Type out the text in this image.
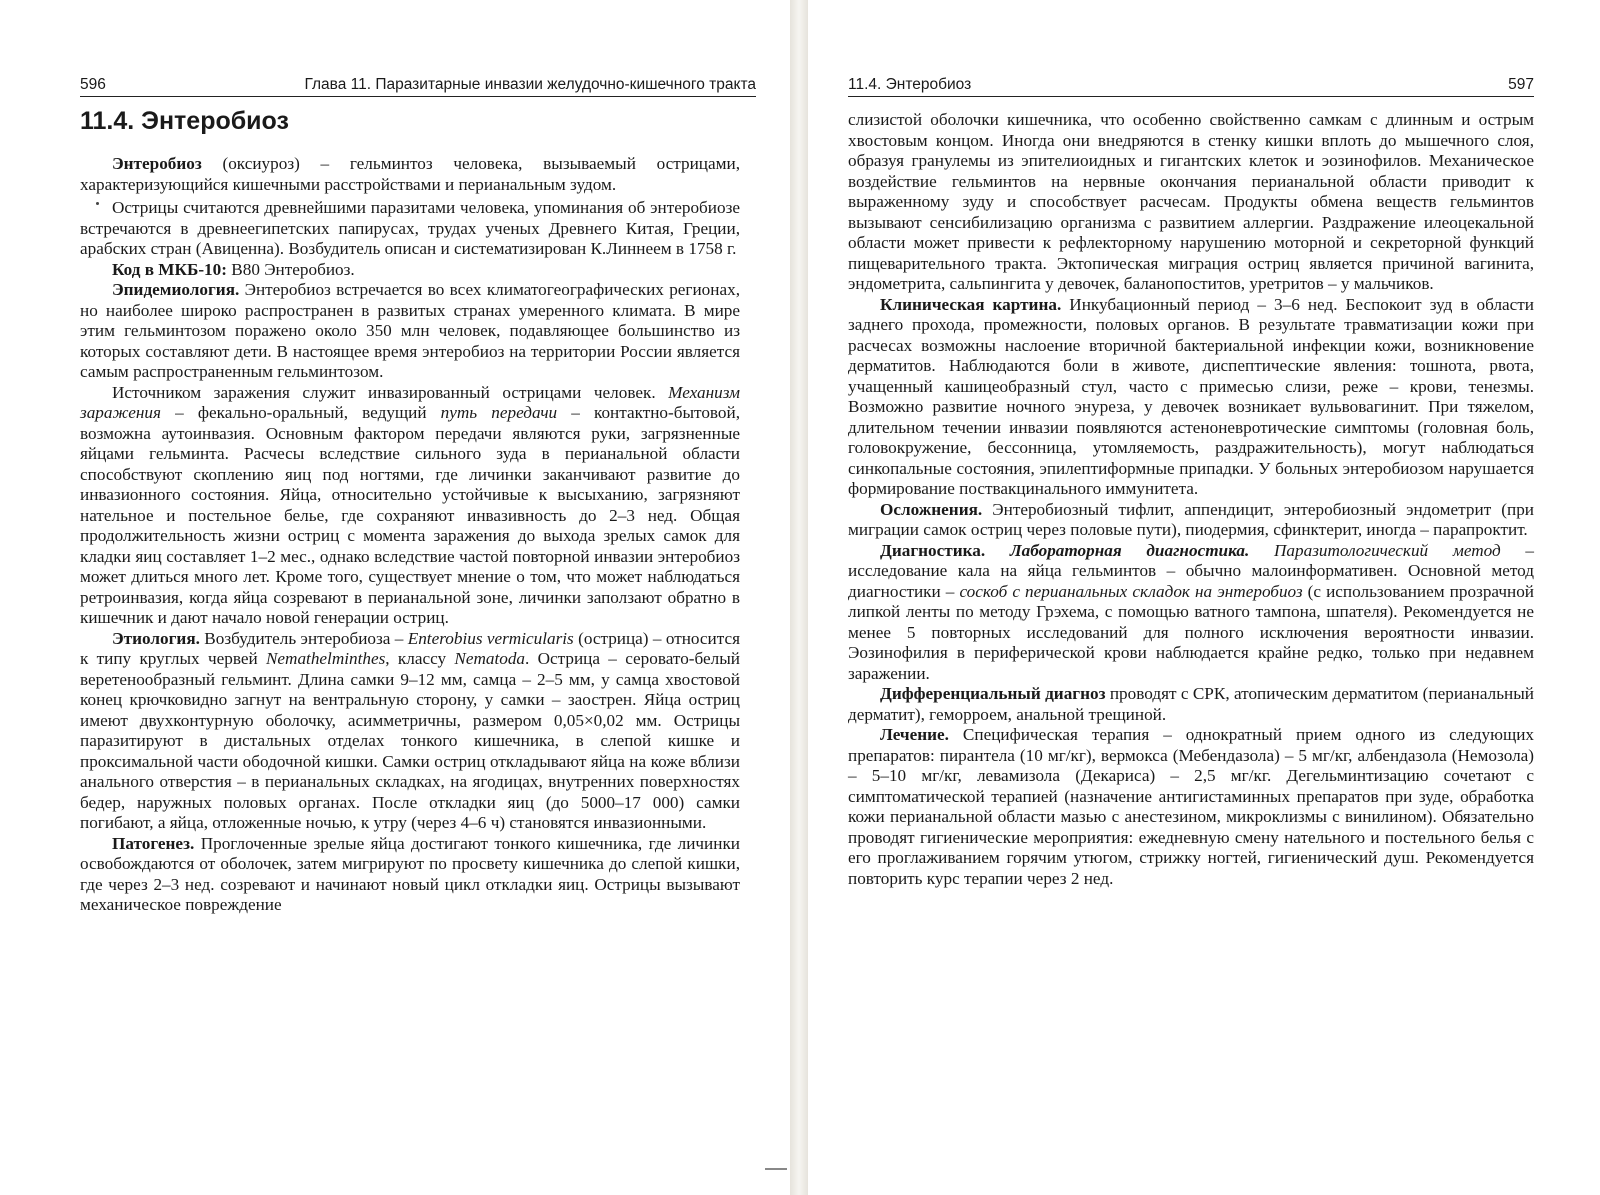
596	Глава 11. Паразитарные инвазии желудочно-кишечного тракта
11.4. Энтеробиоз

Энтеробиоз (оксиуроз) – гельминтоз человека, вызываемый острицами, характеризующийся кишечными расстройствами и перианальным зудом.

Острицы считаются древнейшими паразитами человека, упоминания об энтеробиозе встречаются в древнеегипетских папирусах, трудах ученых Древнего Китая, Греции, арабских стран (Авиценна). Возбудитель описан и систематизирован К.Линнеем в 1758 г.

Код в МКБ-10: В80 Энтеробиоз.

Эпидемиология. Энтеробиоз встречается во всех климатогеографических регионах, но наиболее широко распространен в развитых странах умеренного климата. В мире этим гельминтозом поражено около 350 млн человек, подавляющее большинство из которых составляют дети. В настоящее время энтеробиоз на территории России является самым распространенным гельминтозом.

Источником заражения служит инвазированный острицами человек. Механизм заражения – фекально-оральный, ведущий путь передачи – контактно-бытовой, возможна аутоинвазия. Основным фактором передачи являются руки, загрязненные яйцами гельминта. Расчесы вследствие сильного зуда в перианальной области способствуют скоплению яиц под ногтями, где личинки заканчивают развитие до инвазионного состояния. Яйца, относительно устойчивые к высыханию, загрязняют нательное и постельное белье, где сохраняют инвазивность до 2–3 нед. Общая продолжительность жизни остриц с момента заражения до выхода зрелых самок для кладки яиц составляет 1–2 мес., однако вследствие частой повторной инвазии энтеробиоз может длиться много лет. Кроме того, существует мнение о том, что может наблюдаться ретроинвазия, когда яйца созревают в перианальной зоне, личинки заползают обратно в кишечник и дают начало новой генерации остриц.

Этиология. Возбудитель энтеробиоза – Enterobius vermicularis (острица) – относится к типу круглых червей Nemathelminthes, классу Nematoda. Острица – серовато-белый веретенообразный гельминт. Длина самки 9–12 мм, самца – 2–5 мм, у самца хвостовой конец крючковидно загнут на вентральную сторону, у самки – заострен. Яйца остриц имеют двухконтурную оболочку, асимметричны, размером 0,05×0,02 мм. Острицы паразитируют в дистальных отделах тонкого кишечника, в слепой кишке и проксимальной части ободочной кишки. Самки остриц откладывают яйца на коже вблизи анального отверстия – в перианальных складках, на ягодицах, внутренних поверхностях бедер, наружных половых органах. После откладки яиц (до 5000–17 000) самки погибают, а яйца, отложенные ночью, к утру (через 4–6 ч) становятся инвазионными.

Патогенез. Проглоченные зрелые яйца достигают тонкого кишечника, где личинки освобождаются от оболочек, затем мигрируют по просвету кишечника до слепой кишки, где через 2–3 нед. созревают и начинают новый цикл откладки яиц. Острицы вызывают механическое повреждение

11.4. Энтеробиоз	597

слизистой оболочки кишечника, что особенно свойственно самкам с длинным и острым хвостовым концом. Иногда они внедряются в стенку кишки вплоть до мышечного слоя, образуя гранулемы из эпителиоидных и гигантских клеток и эозинофилов. Механическое воздействие гельминтов на нервные окончания перианальной области приводит к выраженному зуду и способствует расчесам. Продукты обмена веществ гельминтов вызывают сенсибилизацию организма с развитием аллергии. Раздражение илеоцекальной области может привести к рефлекторному нарушению моторной и секреторной функций пищеварительного тракта. Эктопическая миграция остриц является причиной вагинита, эндометрита, сальпингита у девочек, баланопоститов, уретритов – у мальчиков.

Клиническая картина. Инкубационный период – 3–6 нед. Беспокоит зуд в области заднего прохода, промежности, половых органов. В результате травматизации кожи при расчесах возможны наслоение вторичной бактериальной инфекции кожи, возникновение дерматитов. Наблюдаются боли в животе, диспептические явления: тошнота, рвота, учащенный кашицеобразный стул, часто с примесью слизи, реже – крови, тенезмы. Возможно развитие ночного энуреза, у девочек возникает вульвовагинит. При тяжелом, длительном течении инвазии появляются астеноневротические симптомы (головная боль, головокружение, бессонница, утомляемость, раздражительность), могут наблюдаться синкопальные состояния, эпилептиформные припадки. У больных энтеробиозом нарушается формирование поствакцинального иммунитета.

Осложнения. Энтеробиозный тифлит, аппендицит, энтеробиозный эндометрит (при миграции самок остриц через половые пути), пиодермия, сфинктерит, иногда – парапроктит.

Диагностика. Лабораторная диагностика. Паразитологический метод – исследование кала на яйца гельминтов – обычно малоинформативен. Основной метод диагностики – соскоб с перианальных складок на энтеробиоз (с использованием прозрачной липкой ленты по методу Грэхема, с помощью ватного тампона, шпателя). Рекомендуется не менее 5 повторных исследований для полного исключения вероятности инвазии. Эозинофилия в периферической крови наблюдается крайне редко, только при недавнем заражении.

Дифференциальный диагноз проводят с СРК, атопическим дерматитом (перианальный дерматит), геморроем, анальной трещиной.

Лечение. Специфическая терапия – однократный прием одного из следующих препаратов: пирантела (10 мг/кг), вермокса (Мебендазола) – 5 мг/кг, албендазола (Немозола) – 5–10 мг/кг, левамизола (Декариса) – 2,5 мг/кг. Дегельминтизацию сочетают с симптоматической терапией (назначение антигистаминных препаратов при зуде, обработка кожи перианальной области мазью с анестезином, микроклизмы с винилином). Обязательно проводят гигиенические мероприятия: ежедневную смену нательного и постельного белья с его проглаживанием горячим утюгом, стрижку ногтей, гигиенический душ. Рекомендуется повторить курс терапии через 2 нед.
